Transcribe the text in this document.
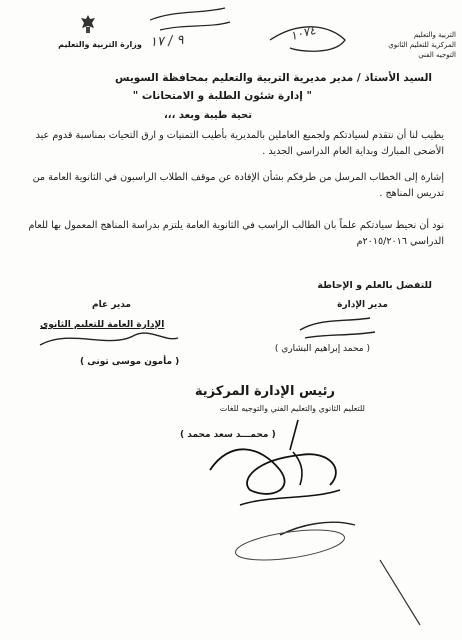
وزارة التربية والتعليم
التربية والتعليم
المركزية للتعليم الثانوي
التوجيه الفني
٩ / ١٧	١٠٧٤
السيد الأستاذ / مدير مديرية التربية والتعليم بمحافظة السويس
" إدارة شئون الطلبة و الامتحانات "
تحية طيبة وبعد ،،،
يطيب لنا أن نتقدم لسيادتكم ولجميع العاملين بالمديرية بأطيب التمنيات و ارق التحيات بمناسبة قدوم عيد الأضحى المبارك وبداية العام الدراسي الجديد .
إشارة إلى الخطاب المرسل من طرفكم بشأن الإفادة عن موقف الطلاب الراسبون في الثانوية العامة من تدريس المناهج .
نود أن نحيط سيادتكم علماً بان الطالب الراسب في الثانوية العامة يلتزم بدراسة المناهج المعمول بها للعام الدراسي ٢٠١٥/٢٠١٦م
للتفضل بالعلم و الإحاطة
مدير الإدارة
( محمد إبراهيم البشاري )
مدير عام
الإدارة العامة للتعليم الثانوي
( مأمون موسى تونى )
رئيس الإدارة المركزية
للتعليم الثانوي والتعليم الفني والتوجيه للغات
( محمـــد سعد محمد )
